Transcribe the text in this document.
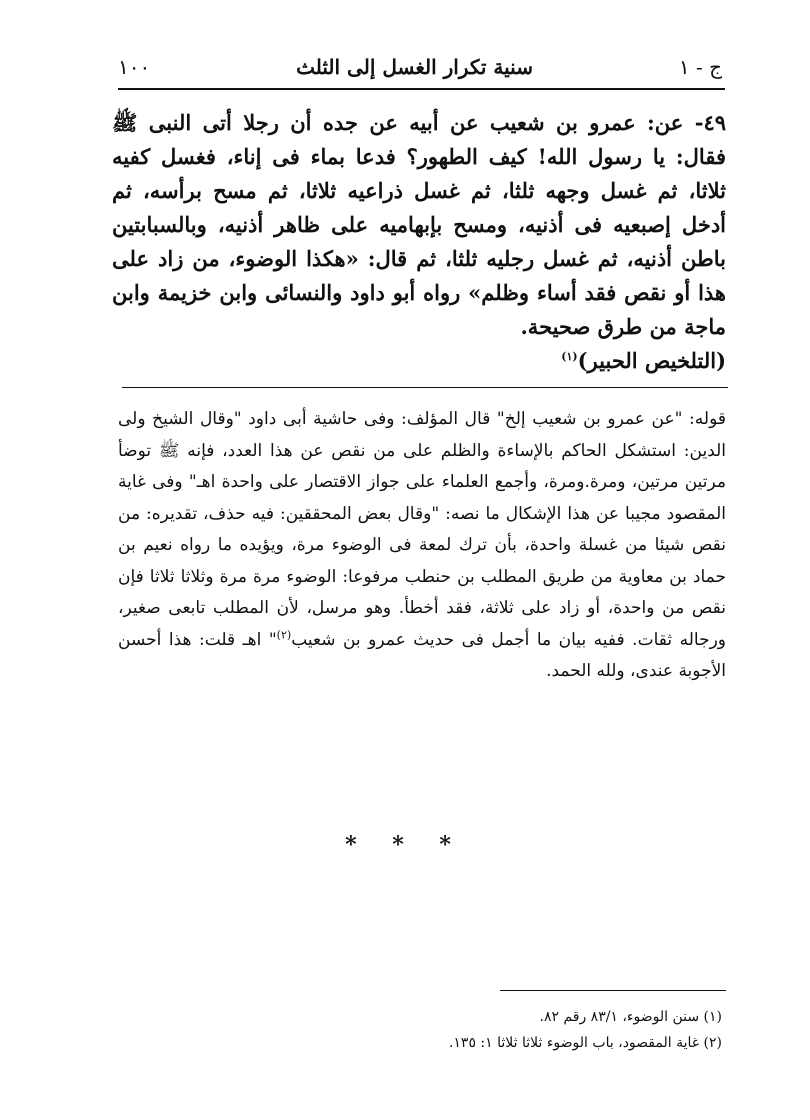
ج - ١
سنية تكرار الغسل إلى الثلث
١٠٠

٤٩- عن: عمرو بن شعيب عن أبيه عن جده أن رجلا أتى النبى ﷺ فقال: يا رسول الله! كيف الطهور؟ فدعا بماء فى إناء، فغسل كفيه ثلاثا، ثم غسل وجهه ثلثا، ثم غسل ذراعيه ثلاثا، ثم مسح برأسه، ثم أدخل إصبعيه فى أذنيه، ومسح بإبهاميه على ظاهر أذنيه، وبالسبابتين باطن أذنيه، ثم غسل رجليه ثلثا، ثم قال: «هكذا الوضوء، من زاد على هذا أو نقص فقد أساء وظلم» رواه أبو داود والنسائى وابن خزيمة وابن ماجة من طرق صحيحة.

(التلخيص الحبير)$^{(١)}$

قوله: "عن عمرو بن شعيب إلخ" قال المؤلف: وفى حاشية أبى داود "وقال الشيخ ولى الدين: استشكل الحاكم بالإساءة والظلم على من نقص عن هذا العدد، فإنه ﷺ توضأ مرتين مرتين، ومرة.ومرة، وأجمع العلماء على جواز الاقتصار على واحدة اهـ" وفى غاية المقصود مجيبا عن هذا الإشكال ما نصه: "وقال بعض المحققين: فيه حذف، تقديره: من نقص شيئا من غسلة واحدة، بأن ترك لمعة فى الوضوء مرة، ويؤيده ما رواه نعيم بن حماد بن معاوية من طريق المطلب بن حنطب مرفوعا: الوضوء مرة مرة وثلاثا ثلاثا فإن نقص من واحدة، أو زاد على ثلاثة، فقد أخطأ. وهو مرسل، لأن المطلب تابعى صغير، ورجاله ثقات. ففيه بيان ما أجمل فى حديث عمرو بن شعيب$^{(٢)}$" اهـ قلت: هذا أحسن الأجوبة عندى، ولله الحمد.

* * *
(١) سنن الوضوء، ٨٣/١ رقم ٨٢.
(٢) غاية المقصود، باب الوضوء ثلاثا ثلاثا ١: ١٣٥.
